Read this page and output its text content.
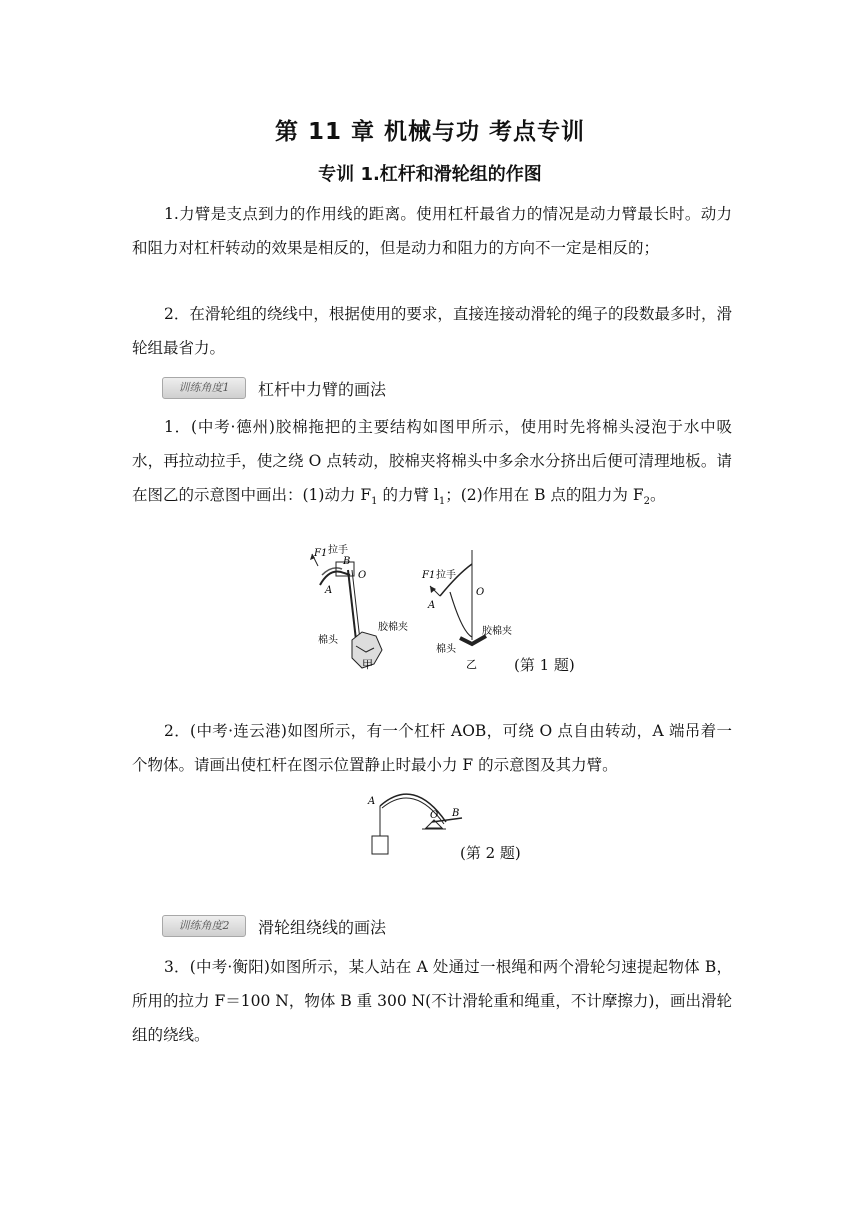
第 11 章 机械与功 考点专训
专训 1.杠杆和滑轮组的作图
1.力臂是支点到力的作用线的距离。使用杠杆最省力的情况是动力臂最长时。动力和阻力对杠杆转动的效果是相反的，但是动力和阻力的方向不一定是相反的；
2．在滑轮组的绕线中，根据使用的要求，直接连接动滑轮的绳子的段数最多时，滑轮组最省力。
训练角度1	杠杆中力臂的画法
1．(中考·德州)胶棉拖把的主要结构如图甲所示，使用时先将棉头浸泡于水中吸水，再拉动拉手，使之绕 O 点转动，胶棉夹将棉头中多余水分挤出后便可清理地板。请在图乙的示意图中画出：(1)动力 $F_1$ 的力臂 $l_1$；(2)作用在 B 点的阻力为 $F_2$。
F1 拉手
B
O
A
胶棉夹
棉头
甲
F1 拉手
A
O
胶棉夹
棉头
乙 (第 1 题)
2．(中考·连云港)如图所示，有一个杠杆 AOB，可绕 O 点自由转动，A 端吊着一个物体。请画出使杠杆在图示位置静止时最小力 F 的示意图及其力臂。
A
O B
(第 2 题)
训练角度2	滑轮组绕线的画法
3．(中考·衡阳)如图所示，某人站在 A 处通过一根绳和两个滑轮匀速提起物体 B，所用的拉力 F＝100 N，物体 B 重 300 N(不计滑轮重和绳重，不计摩擦力)，画出滑轮组的绕线。
